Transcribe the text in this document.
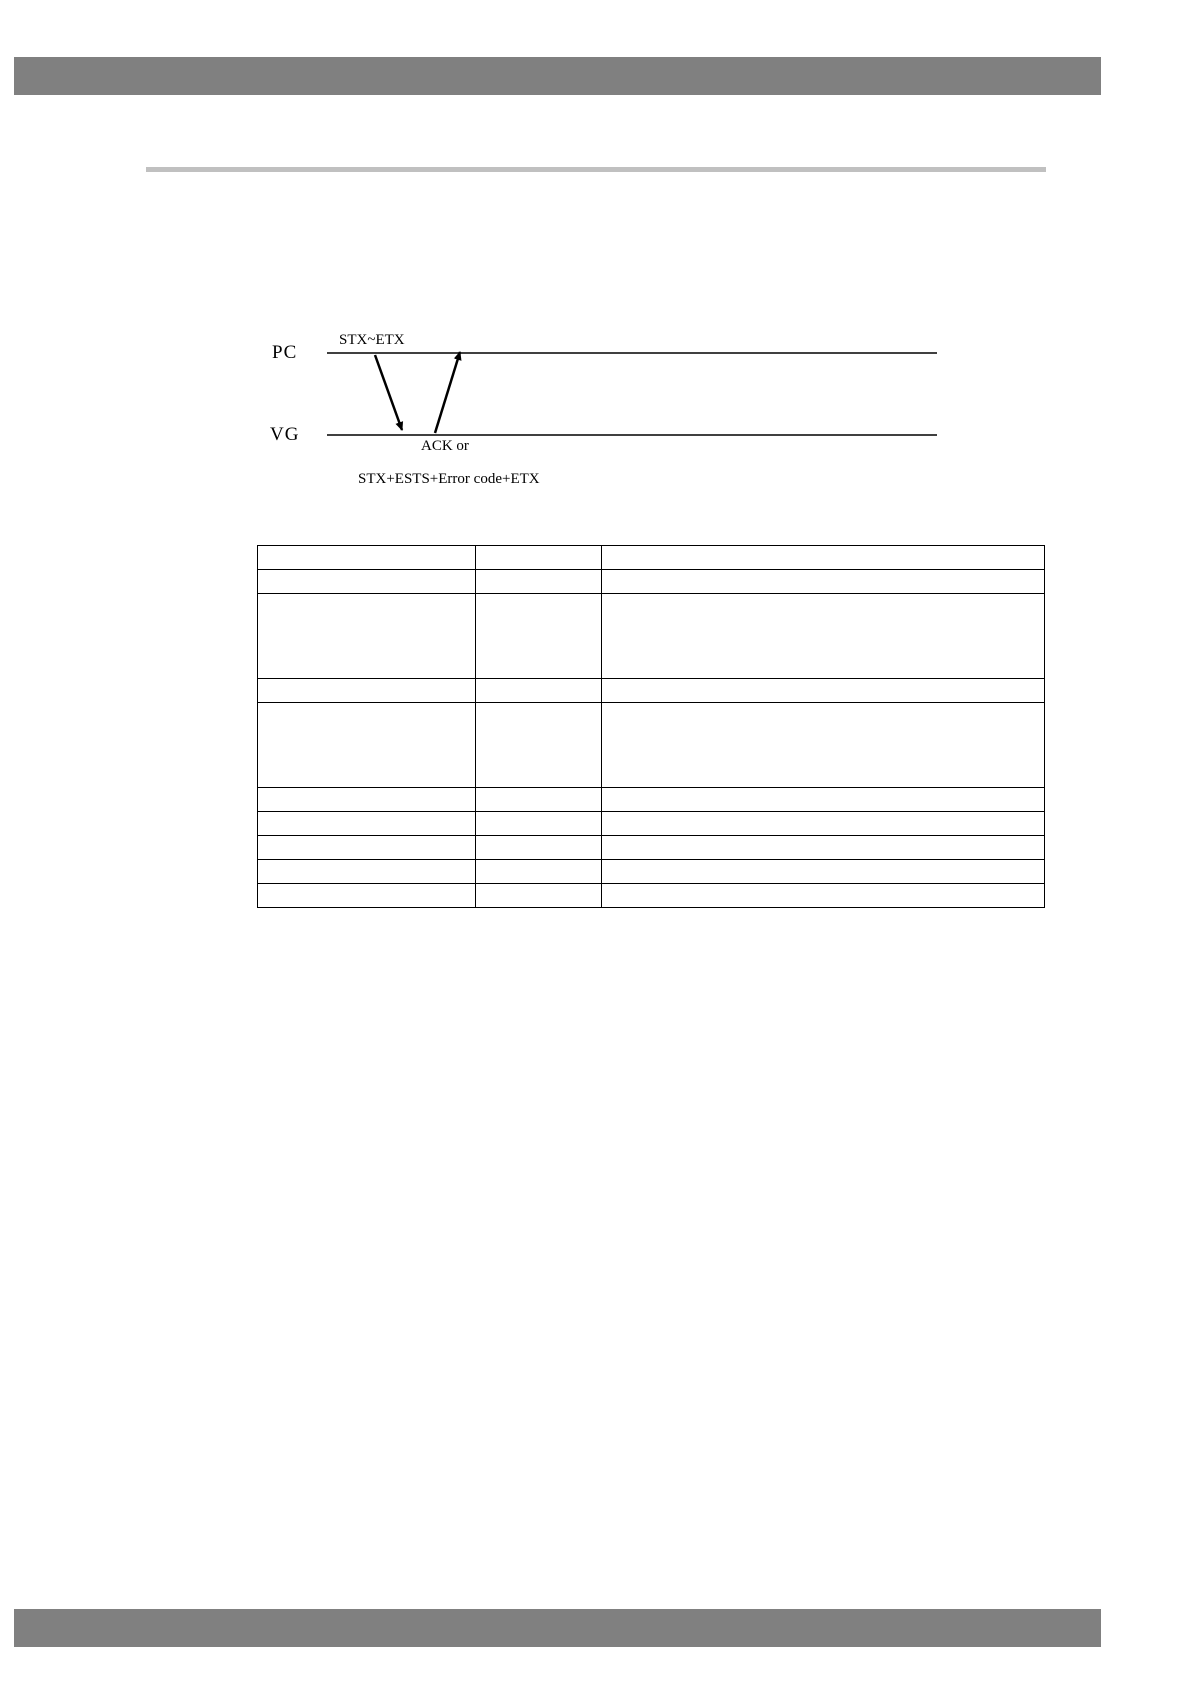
PC
VG
STX~ETX
ACK or
STX+ESTS+Error code+ETX
